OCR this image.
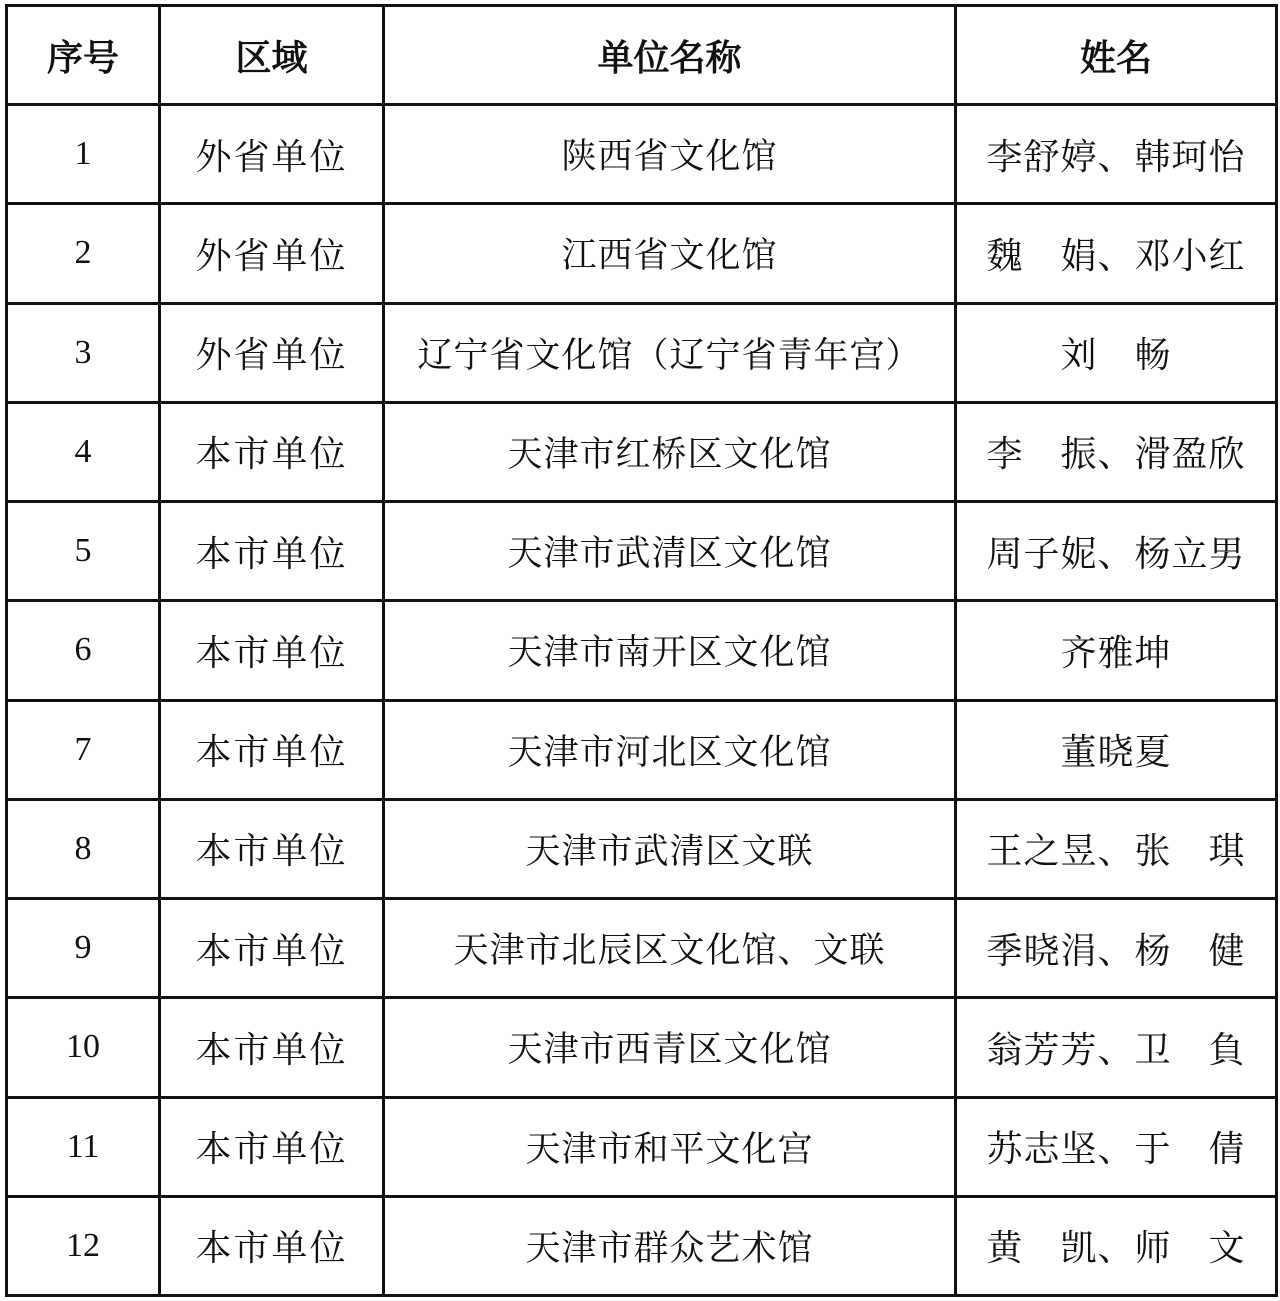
序号	区域	单位名称	姓名
1	外省单位	陕西省文化馆	李舒婷、韩珂怡
2	外省单位	江西省文化馆	魏　娟、邓小红
3	外省单位	辽宁省文化馆（辽宁省青年宫）	刘　畅
4	本市单位	天津市红桥区文化馆	李　振、滑盈欣
5	本市单位	天津市武清区文化馆	周子妮、杨立男
6	本市单位	天津市南开区文化馆	齐雅坤
7	本市单位	天津市河北区文化馆	董晓夏
8	本市单位	天津市武清区文联	王之昱、张　琪
9	本市单位	天津市北辰区文化馆、文联	季晓涓、杨　健
10	本市单位	天津市西青区文化馆	翁芳芳、卫　負
11	本市单位	天津市和平文化宫	苏志坚、于　倩
12	本市单位	天津市群众艺术馆	黄　凯、师　文
